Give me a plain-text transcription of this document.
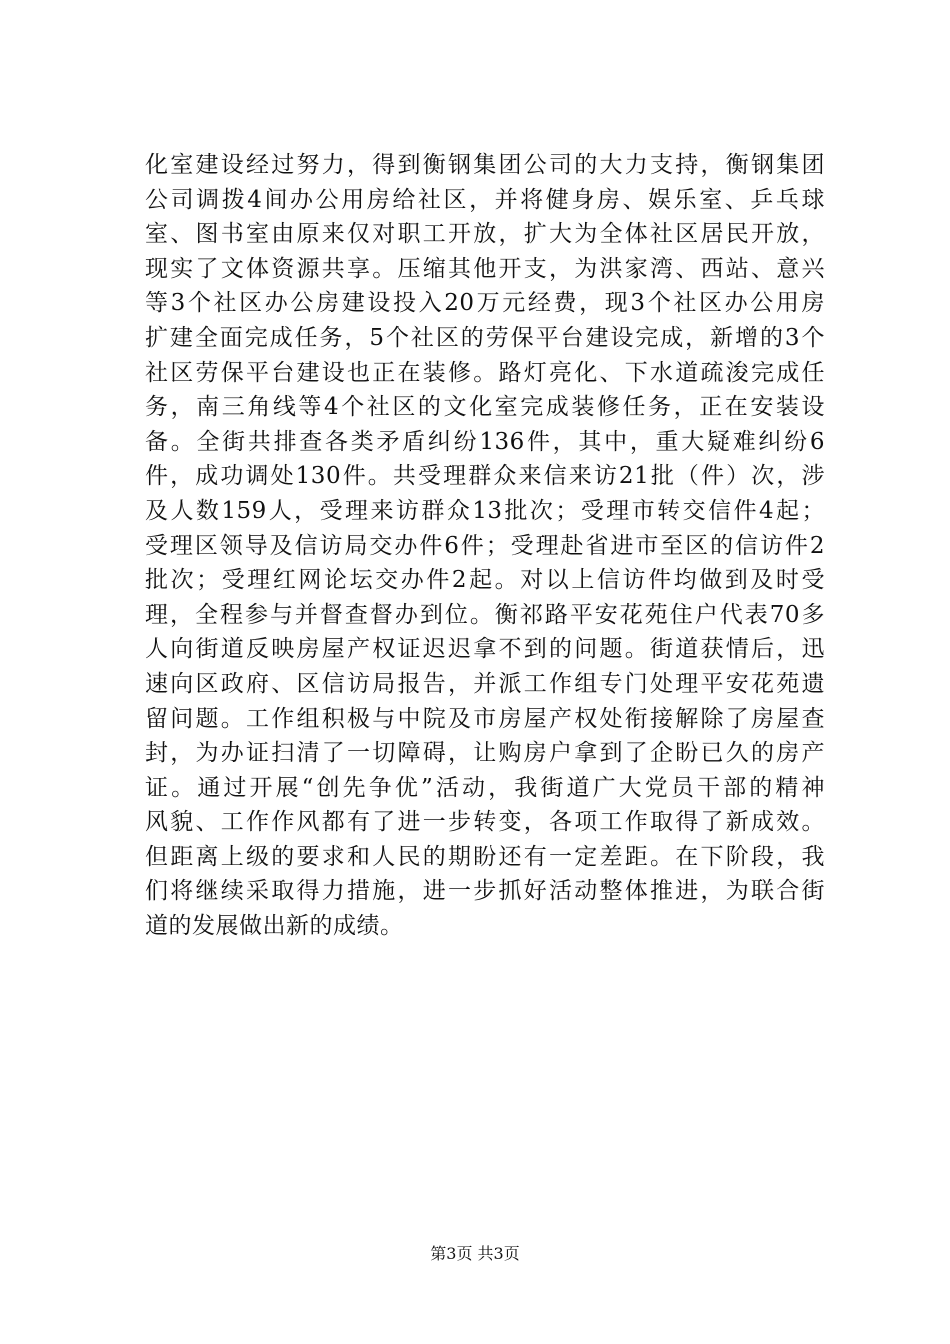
化室建设经过努力，得到衡钢集团公司的大力支持，衡钢集团
公司调拨4间办公用房给社区，并将健身房、娱乐室、乒乓球
室、图书室由原来仅对职工开放，扩大为全体社区居民开放，
现实了文体资源共享。压缩其他开支，为洪家湾、西站、意兴
等3个社区办公房建设投入20万元经费，现3个社区办公用房
扩建全面完成任务，5个社区的劳保平台建设完成，新增的3个
社区劳保平台建设也正在装修。路灯亮化、下水道疏浚完成任
务，南三角线等4个社区的文化室完成装修任务，正在安装设
备。全街共排查各类矛盾纠纷136件，其中，重大疑难纠纷6
件，成功调处130件。共受理群众来信来访21批（件）次，涉
及人数159人，受理来访群众13批次；受理市转交信件4起；
受理区领导及信访局交办件6件；受理赴省进市至区的信访件2
批次；受理红网论坛交办件2起。对以上信访件均做到及时受
理，全程参与并督查督办到位。衡祁路平安花苑住户代表70多
人向街道反映房屋产权证迟迟拿不到的问题。街道获情后，迅
速向区政府、区信访局报告，并派工作组专门处理平安花苑遗
留问题。工作组积极与中院及市房屋产权处衔接解除了房屋查
封，为办证扫清了一切障碍，让购房户拿到了企盼已久的房产
证。通过开展“创先争优”活动，我街道广大党员干部的精神
风貌、工作作风都有了进一步转变，各项工作取得了新成效。
但距离上级的要求和人民的期盼还有一定差距。在下阶段，我
们将继续采取得力措施，进一步抓好活动整体推进，为联合街
道的发展做出新的成绩。
第3页 共3页
